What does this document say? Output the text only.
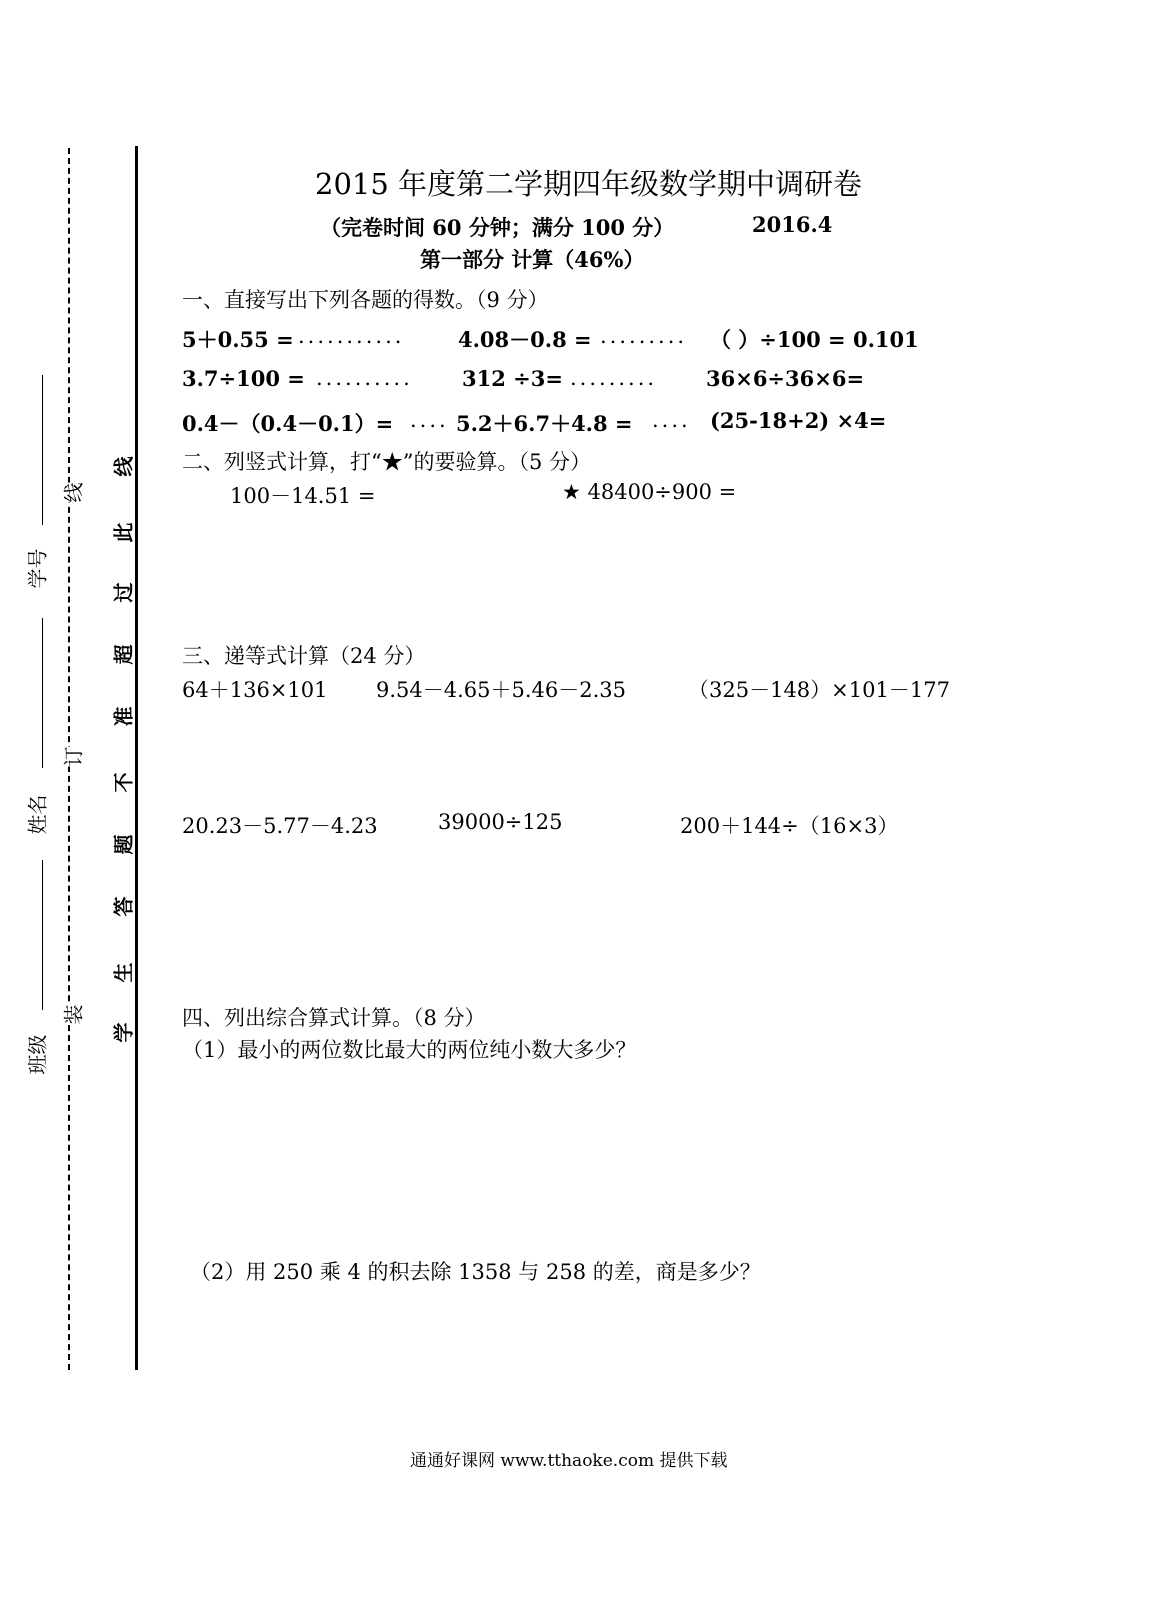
学号
姓名
班级
线
订
装
线
此
过
超
准
不
题
答
生
学
2015 年度第二学期四年级数学期中调研卷
（完卷时间 60 分钟；满分 100 分）	2016.4
第一部分 计算（46%）
一、直接写出下列各题的得数。（9 分）
5＋0.55 = ...........	4.08－0.8 = ......... （ ）÷100 = 0.101
3.7÷100 = .......... 312 ÷3= ......... 36×6÷36×6=
0.4－（0.4－0.1）= .... 5.2＋6.7＋4.8 = .... (25-18+2) ×4=
二、列竖式计算，打“★”的要验算。（5 分）
100－14.51 =	★ 48400÷900 =
三、递等式计算（24 分）
64＋136×101 9.54－4.65＋5.46－2.35	（325－148）×101－177
20.23－5.77－4.23	39000÷125	200＋144÷（16×3）
四、列出综合算式计算。（8 分）
（1）最小的两位数比最大的两位纯小数大多少？
（2）用 250 乘 4 的积去除 1358 与 258 的差，商是多少？
通通好课网 www.tthaoke.com 提供下载
